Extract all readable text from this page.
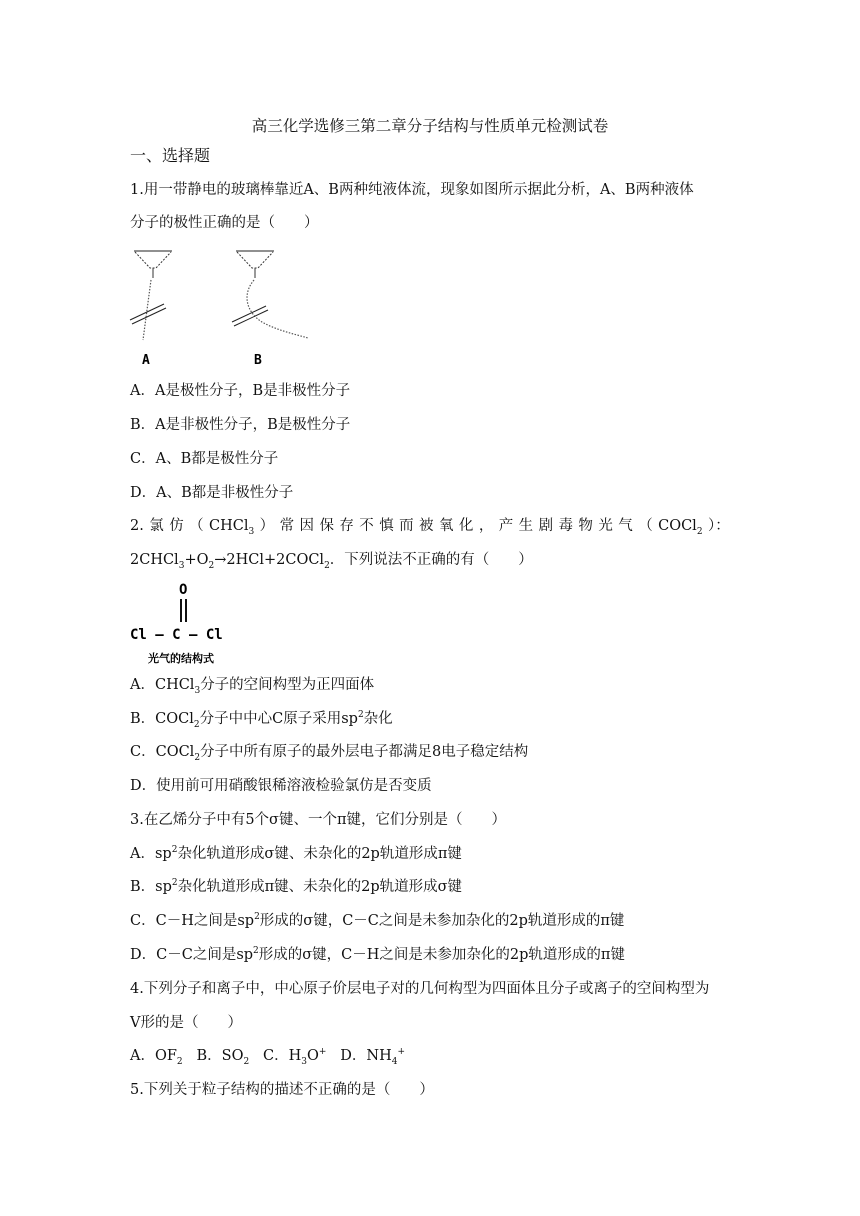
高三化学选修三第二章分子结构与性质单元检测试卷
一、选择题
1.用一带静电的玻璃棒靠近A、B两种纯液体流，现象如图所示据此分析，A、B两种液体
分子的极性正确的是（　　）
A	B
A．A是极性分子，B是非极性分子
B．A是非极性分子，B是极性分子
C．A、B都是极性分子
D．A、B都是非极性分子
2. 氯 仿 （ CHCl$_3$ ） 常 因 保 存 不 慎 而 被 氧 化 ， 产 生 剧 毒 物 光 气 （ COCl$_2$ ）：
$2CHCl_3+O_2\to 2HCl+2COCl_2$．下列说法不正确的有（　　）
O
Cl — C — Cl
光气的结构式
A．CHCl$_3$分子的空间构型为正四面体
B．COCl$_2$分子中中心C原子采用$sp^2$杂化
C．COCl$_2$分子中所有原子的最外层电子都满足8电子稳定结构
D．使用前可用硝酸银稀溶液检验氯仿是否变质
3.在乙烯分子中有5个σ键、一个π键，它们分别是（　　）
A．$sp^2$杂化轨道形成σ键、未杂化的2p轨道形成π键
B．$sp^2$杂化轨道形成π键、未杂化的2p轨道形成σ键
C．C－H之间是$sp^2$形成的σ键，C－C之间是未参加杂化的2p轨道形成的π键
D．C－C之间是$sp^2$形成的σ键，C－H之间是未参加杂化的2p轨道形成的π键
4.下列分子和离子中，中心原子价层电子对的几何构型为四面体且分子或离子的空间构型为
V形的是（　　）
A．$OF_2$ B．$SO_2$ C．$H_3O^+$ D．$NH_4^+$
5.下列关于粒子结构的描述不正确的是（　　）
